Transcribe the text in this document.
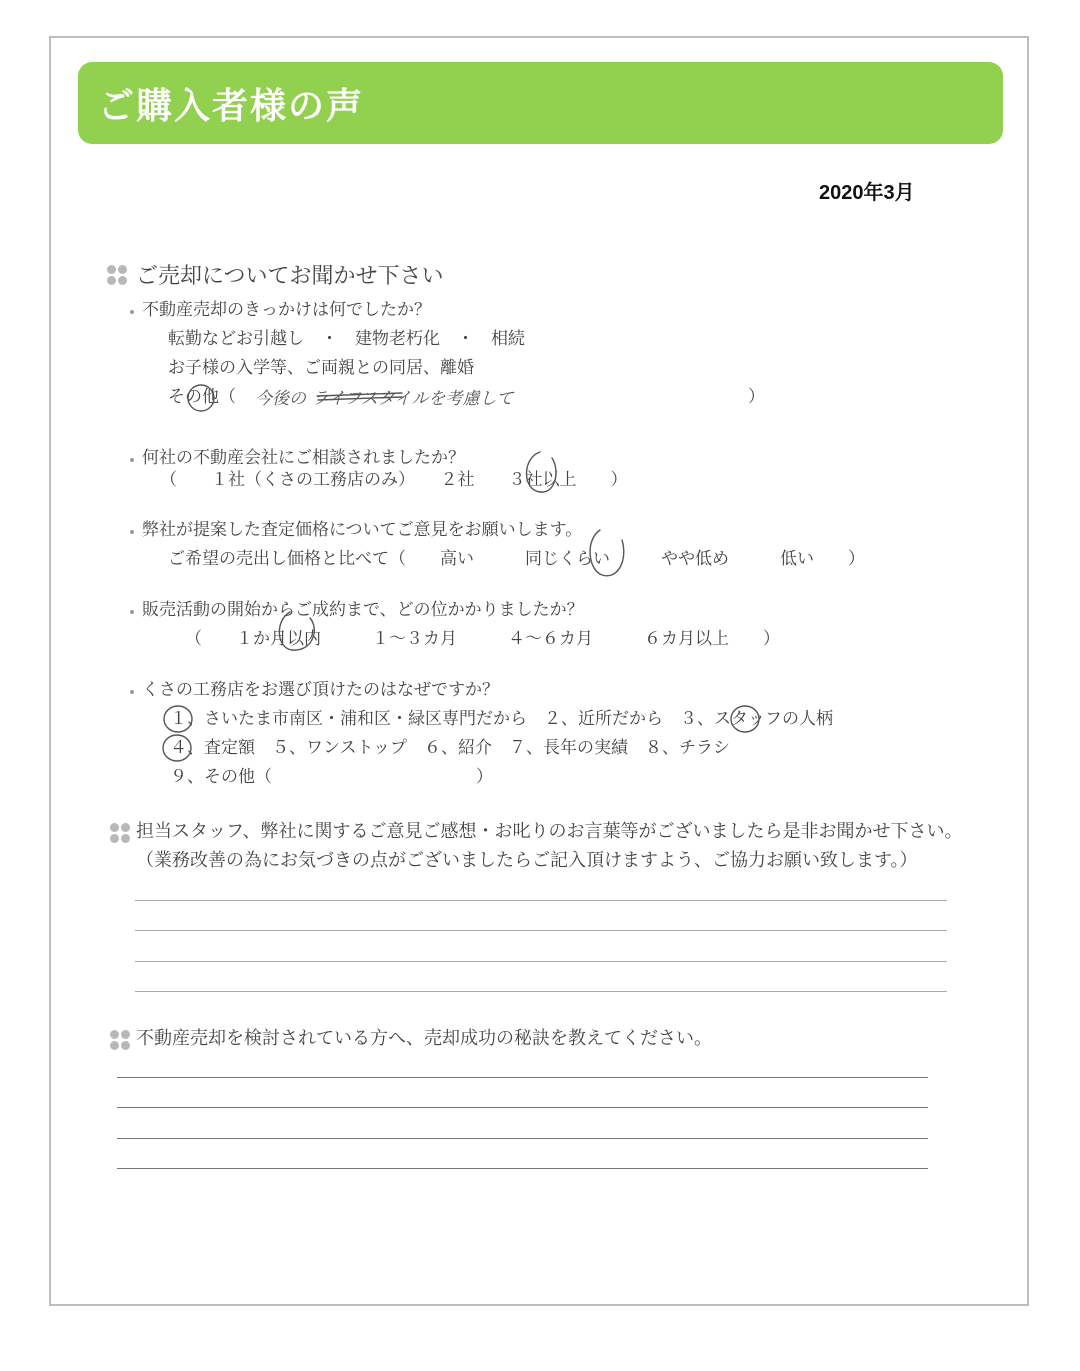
ご購入者様の声
2020年3月
ご売却についてお聞かせ下さい
不動産売却のきっかけは何でしたか？
転勤などお引越し　・　建物老朽化　・　相続
お子様の入学等、ご両親との同居、離婚
その他（ 今後の ライフスタイルを考慮して	）
何社の不動産会社にご相談されましたか？
（　　１社（くさの工務店のみ）　　２社　　３社以上　　）
弊社が提案した査定価格についてご意見をお願いします。
ご希望の売出し価格と比べて（　　高い　　　同じくらい　　　やや低め　　　低い　　）
販売活動の開始からご成約まで、どの位かかりましたか？
（　　１か月以内　　　１～３カ月　　　４～６カ月　　　６カ月以上　　）
くさの工務店をお選び頂けたのはなぜですか？
１、さいたま市南区・浦和区・緑区専門だから　２、近所だから　３、スタッフの人柄
４、査定額　５、ワンストップ　６、紹介　７、長年の実績　８、チラシ
９、その他（　　　　　　　　　　　　）
担当スタッフ、弊社に関するご意見ご感想・お叱りのお言葉等がございましたら是非お聞かせ下さい。
（業務改善の為にお気づきの点がございましたらご記入頂けますよう、ご協力お願い致します。）
不動産売却を検討されている方へ、売却成功の秘訣を教えてください。
